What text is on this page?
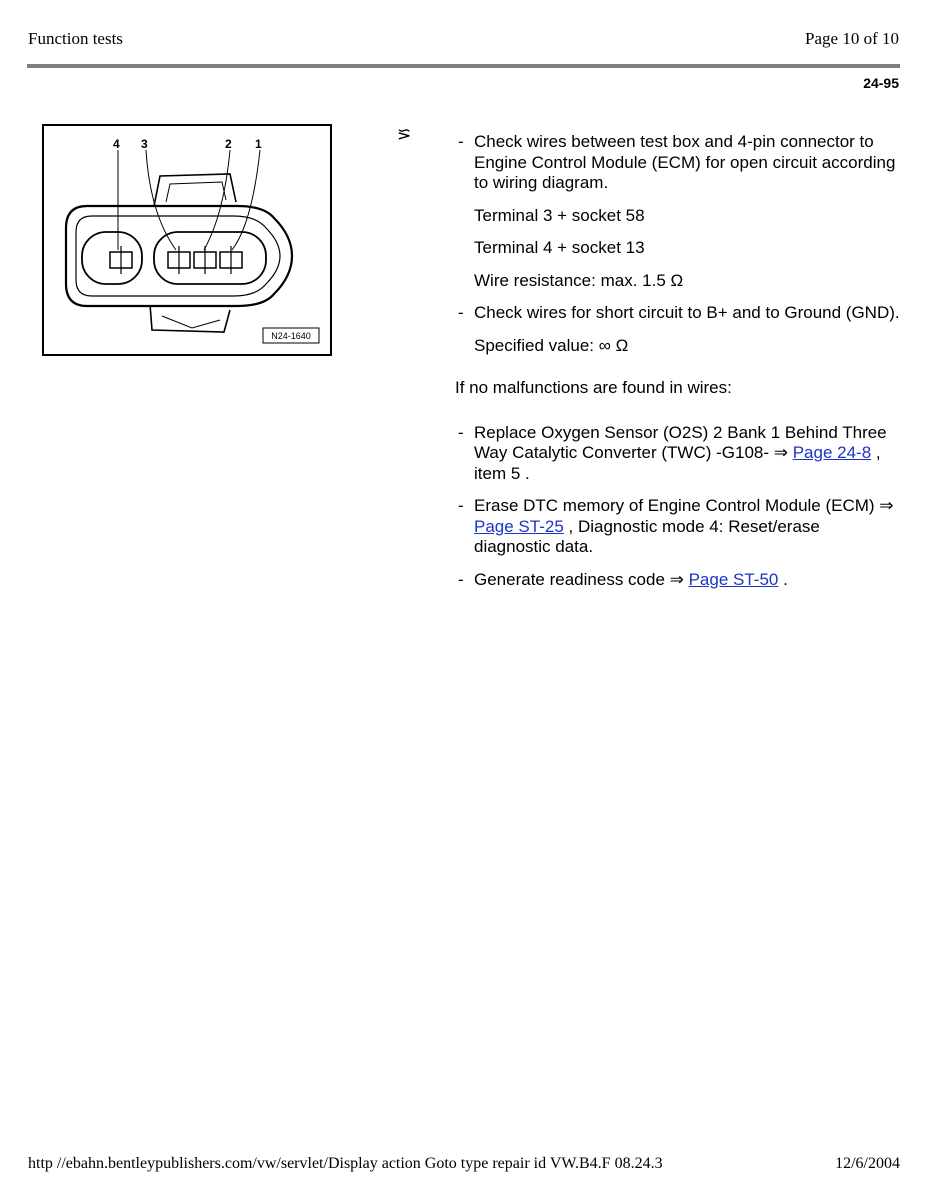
Function tests	Page 10 of 10
24-95
4 3	2 1
N24-1640
⪞	- Check wires between test box and 4-pin connector to Engine Control Module (ECM) for open circuit according to wiring diagram.
Terminal 3 + socket 58
Terminal 4 + socket 13
Wire resistance: max. 1.5 Ω
- Check wires for short circuit to B+ and to Ground (GND).
Specified value: ∞ Ω
If no malfunctions are found in wires:
- Replace Oxygen Sensor (O2S) 2 Bank 1 Behind Three Way Catalytic Converter (TWC) -G108- ⇒ Page 24-8 , item 5 .
- Erase DTC memory of Engine Control Module (ECM) ⇒ Page ST-25 , Diagnostic mode 4: Reset/erase diagnostic data.
- Generate readiness code ⇒ Page ST-50 .
http //ebahn.bentleypublishers.com/vw/servlet/Display action Goto type repair id VW.B4.F 08.24.3	12/6/2004
